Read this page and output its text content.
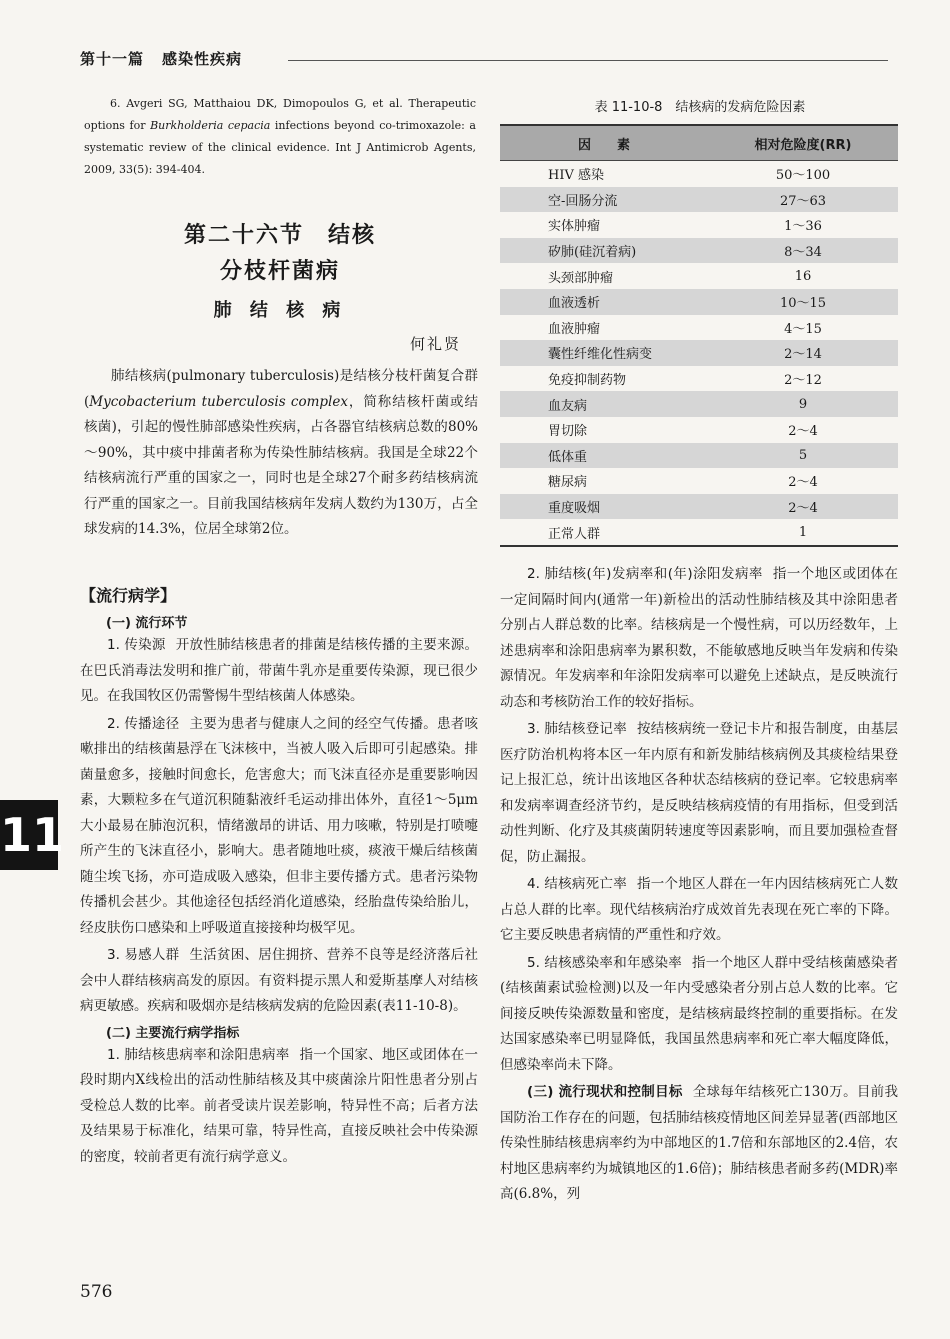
第十一篇 感染性疾病
6. Avgeri SG, Matthaiou DK, Dimopoulos G, et al. Therapeutic options for Burkholderia cepacia infections beyond co-trimoxazole: a systematic review of the clinical evidence. Int J Antimicrob Agents, 2009, 33(5): 394-404.
第二十六节　结核
分枝杆菌病
肺 结 核 病
何礼贤
肺结核病(pulmonary tuberculosis)是结核分枝杆菌复合群(Mycobacterium tuberculosis complex，简称结核杆菌或结核菌)，引起的慢性肺部感染性疾病，占各器官结核病总数的80%～90%，其中痰中排菌者称为传染性肺结核病。我国是全球22个结核病流行严重的国家之一，同时也是全球27个耐多药结核病流行严重的国家之一。目前我国结核病年发病人数约为130万，占全球发病的14.3%，位居全球第2位。
【流行病学】
(一) 流行环节
1. 传染源 开放性肺结核患者的排菌是结核传播的主要来源。在巴氏消毒法发明和推广前，带菌牛乳亦是重要传染源，现已很少见。在我国牧区仍需警惕牛型结核菌人体感染。
2. 传播途径 主要为患者与健康人之间的经空气传播。患者咳嗽排出的结核菌悬浮在飞沫核中，当被人吸入后即可引起感染。排菌量愈多，接触时间愈长，危害愈大；而飞沫直径亦是重要影响因素，大颗粒多在气道沉积随黏液纤毛运动排出体外，直径1～5μm大小最易在肺泡沉积，情绪激昂的讲话、用力咳嗽，特别是打喷嚏所产生的飞沫直径小，影响大。患者随地吐痰，痰液干燥后结核菌随尘埃飞扬，亦可造成吸入感染，但非主要传播方式。患者污染物传播机会甚少。其他途径包括经消化道感染，经胎盘传染给胎儿，经皮肤伤口感染和上呼吸道直接接种均极罕见。
3. 易感人群 生活贫困、居住拥挤、营养不良等是经济落后社会中人群结核病高发的原因。有资料提示黑人和爱斯基摩人对结核病更敏感。疾病和吸烟亦是结核病发病的危险因素(表11-10-8)。
(二) 主要流行病学指标
1. 肺结核患病率和涂阳患病率 指一个国家、地区或团体在一段时期内X线检出的活动性肺结核及其中痰菌涂片阳性患者分别占受检总人数的比率。前者受读片误差影响，特异性不高；后者方法及结果易于标准化，结果可靠，特异性高，直接反映社会中传染源的密度，较前者更有流行病学意义。
11
576
表 11-10-8　结核病的发病危险因素
因　　素	相对危险度(RR)
HIV 感染	50～100
空-回肠分流	27～63
实体肿瘤	1～36
矽肺(硅沉着病)	8～34
头颈部肿瘤	16
血液透析	10～15
血液肿瘤	4～15
囊性纤维化性病变	2～14
免疫抑制药物	2～12
血友病	9
胃切除	2～4
低体重	5
糖尿病	2～4
重度吸烟	2～4
正常人群	1
2. 肺结核(年)发病率和(年)涂阳发病率 指一个地区或团体在一定间隔时间内(通常一年)新检出的活动性肺结核及其中涂阳患者分别占人群总数的比率。结核病是一个慢性病，可以历经数年，上述患病率和涂阳患病率为累积数，不能敏感地反映当年发病和传染源情况。年发病率和年涂阳发病率可以避免上述缺点，是反映流行动态和考核防治工作的较好指标。
3. 肺结核登记率 按结核病统一登记卡片和报告制度，由基层医疗防治机构将本区一年内原有和新发肺结核病例及其痰检结果登记上报汇总，统计出该地区各种状态结核病的登记率。它较患病率和发病率调查经济节约，是反映结核病疫情的有用指标，但受到活动性判断、化疗及其痰菌阴转速度等因素影响，而且要加强检查督促，防止漏报。
4. 结核病死亡率 指一个地区人群在一年内因结核病死亡人数占总人群的比率。现代结核病治疗成效首先表现在死亡率的下降。它主要反映患者病情的严重性和疗效。
5. 结核感染率和年感染率 指一个地区人群中受结核菌感染者(结核菌素试验检测)以及一年内受感染者分别占总人数的比率。它间接反映传染源数量和密度，是结核病最终控制的重要指标。在发达国家感染率已明显降低，我国虽然患病率和死亡率大幅度降低，但感染率尚未下降。
(三) 流行现状和控制目标 全球每年结核死亡130万。目前我国防治工作存在的问题，包括肺结核疫情地区间差异显著(西部地区传染性肺结核患病率约为中部地区的1.7倍和东部地区的2.4倍，农村地区患病率约为城镇地区的1.6倍)；肺结核患者耐多药(MDR)率高(6.8%，列
